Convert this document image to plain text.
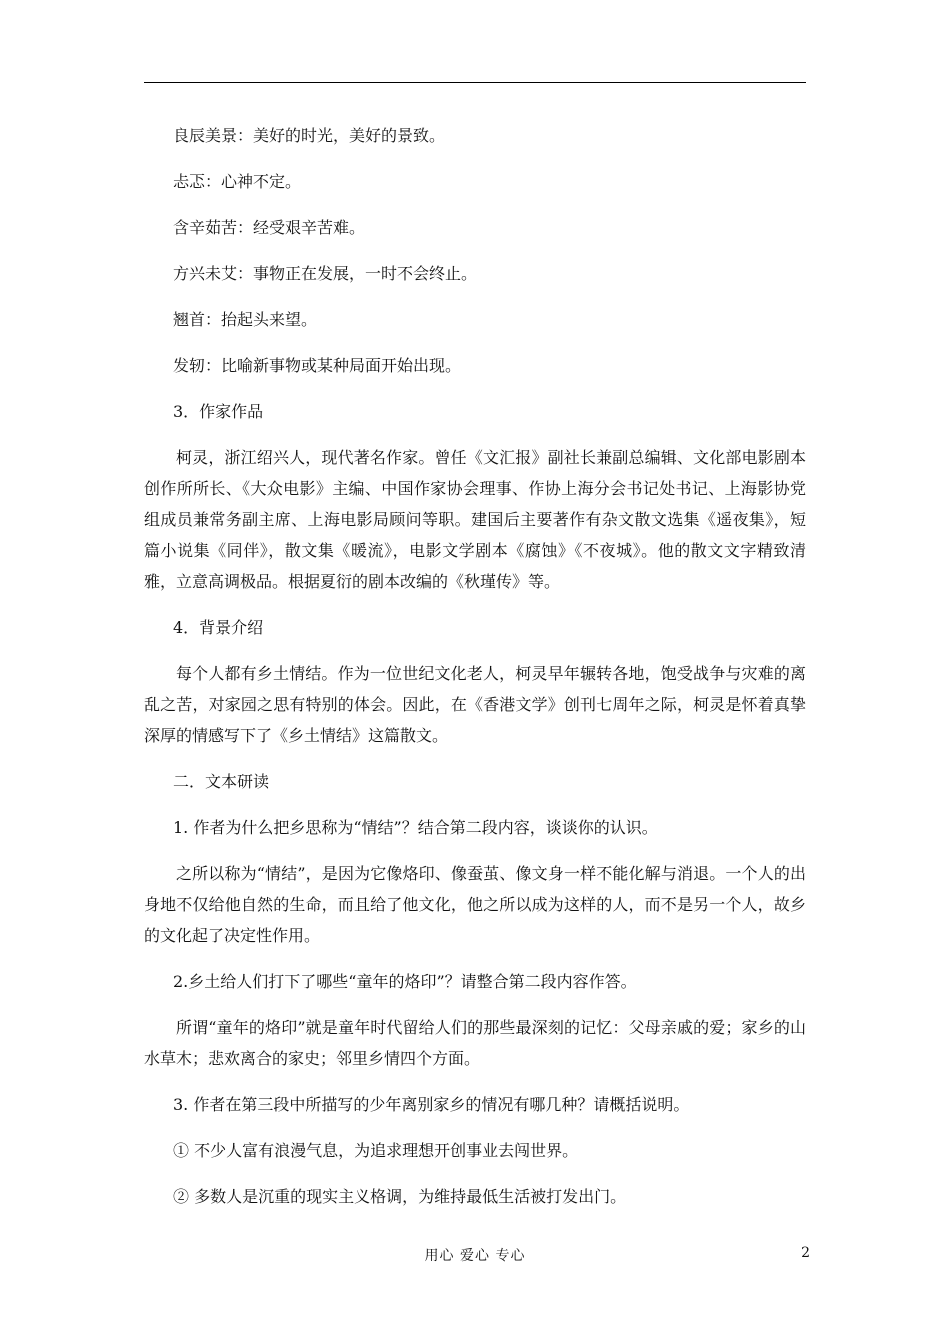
良辰美景：美好的时光，美好的景致。
忐忑：心神不定。
含辛茹苦：经受艰辛苦难。
方兴未艾：事物正在发展，一时不会终止。
翘首：抬起头来望。
发轫：比喻新事物或某种局面开始出现。
3．作家作品
柯灵，浙江绍兴人，现代著名作家。曾任《文汇报》副社长兼副总编辑、文化部电影剧本创作所所长、《大众电影》主编、中国作家协会理事、作协上海分会书记处书记、上海影协党组成员兼常务副主席、上海电影局顾问等职。建国后主要著作有杂文散文选集《遥夜集》，短篇小说集《同伴》，散文集《暖流》，电影文学剧本《腐蚀》《不夜城》。他的散文文字精致清雅，立意高调极品。根据夏衍的剧本改编的《秋瑾传》等。
4．背景介绍
每个人都有乡土情结。作为一位世纪文化老人，柯灵早年辗转各地，饱受战争与灾难的离乱之苦，对家园之思有特别的体会。因此，在《香港文学》创刊七周年之际，柯灵是怀着真挚深厚的情感写下了《乡土情结》这篇散文。
二．文本研读
1. 作者为什么把乡思称为“情结”？结合第二段内容，谈谈你的认识。
之所以称为“情结”，是因为它像烙印、像蚕茧、像文身一样不能化解与消退。一个人的出身地不仅给他自然的生命，而且给了他文化，他之所以成为这样的人，而不是另一个人，故乡的文化起了决定性作用。
2.乡土给人们打下了哪些“童年的烙印”？请整合第二段内容作答。
所谓“童年的烙印”就是童年时代留给人们的那些最深刻的记忆：父母亲戚的爱；家乡的山水草木；悲欢离合的家史；邻里乡情四个方面。
3. 作者在第三段中所描写的少年离别家乡的情况有哪几种？请概括说明。
① 不少人富有浪漫气息，为追求理想开创事业去闯世界。
② 多数人是沉重的现实主义格调，为维持最低生活被打发出门。
用心 爱心 专心	2
